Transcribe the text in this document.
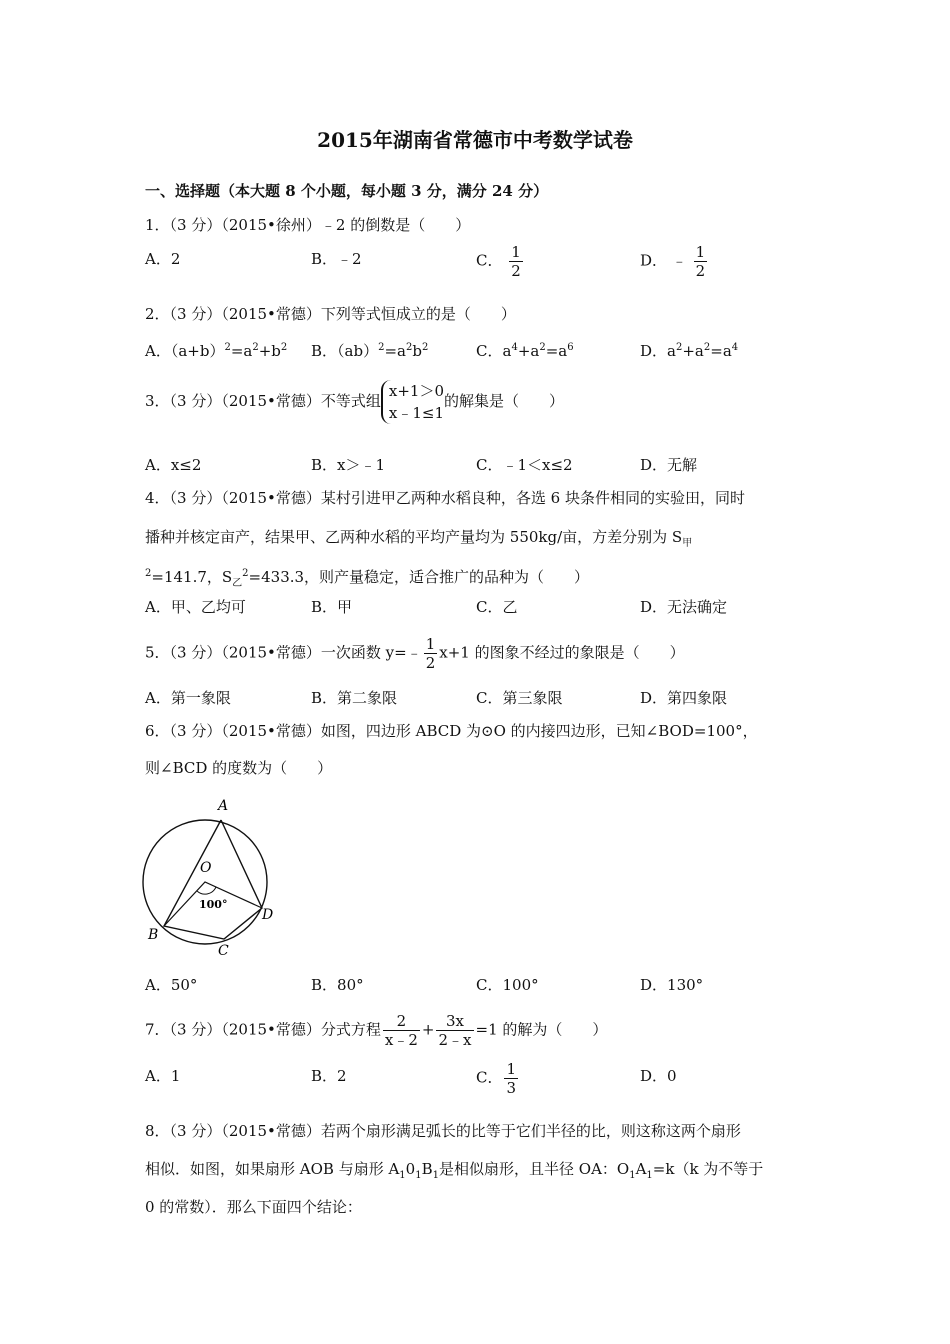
2015年湖南省常德市中考数学试卷
一、选择题（本大题 8 个小题，每小题 3 分，满分 24 分）
1．（3 分）（2015•徐州）﹣2 的倒数是（　　）
A．2	B．﹣2	C． $\frac{1}{2}$	D． ﹣ $\frac{1}{2}$
2．（3 分）（2015•常德）下列等式恒成立的是（　　）
A．$(a+b)^2=a^2+b^2$ B．$(ab)^2=a^2b^2$	C．$a^4+a^2=a^6$	D．$a^2+a^2=a^4$
3．（3 分）（2015•常德）不等式组
x+1＞0
x﹣1≤1
的解集是（　　）
A．x≤2	B．x＞﹣1	C．﹣1＜x≤2	D．无解
4．（3 分）（2015•常德）某村引进甲乙两种水稻良种，各选 6 块条件相同的实验田，同时
播种并核定亩产，结果甲、乙两种水稻的平均产量均为 550kg/亩，方差分别为 $S_甲$
$^2$=141.7，$S_乙^2=433.3$，则产量稳定，适合推广的品种为（　　）
A．甲、乙均可	B．甲	C．乙	D．无法确定
5．（3 分）（2015•常德）一次函数 y=﹣ $\frac{1}{2} x+1$ 的图象不经过的象限是（　　）
A．第一象限	B．第二象限	C．第三象限	D．第四象限
6．（3 分）（2015•常德）如图，四边形 ABCD 为⊙O 的内接四边形，已知∠BOD=100°，
则∠BCD 的度数为（　　）
A
O
B
C
D
100°
A．50°	B．80°	C．100°	D．130°
7．（3 分）（2015•常德）分式方程 $\frac{2}{x﹣2} + \frac{3x}{2﹣x} =1$ 的解为（　　）
A．1	B．2	C． $\frac{1}{3}$	D．0
8．（3 分）（2015•常德）若两个扇形满足弧长的比等于它们半径的比，则这称这两个扇形
相似．如图，如果扇形 AOB 与扇形 $A_10_1B_1$是相似扇形，且半径 OA：$O_1A_1=k(k$ 为不等于
0 的常数）．那么下面四个结论：
